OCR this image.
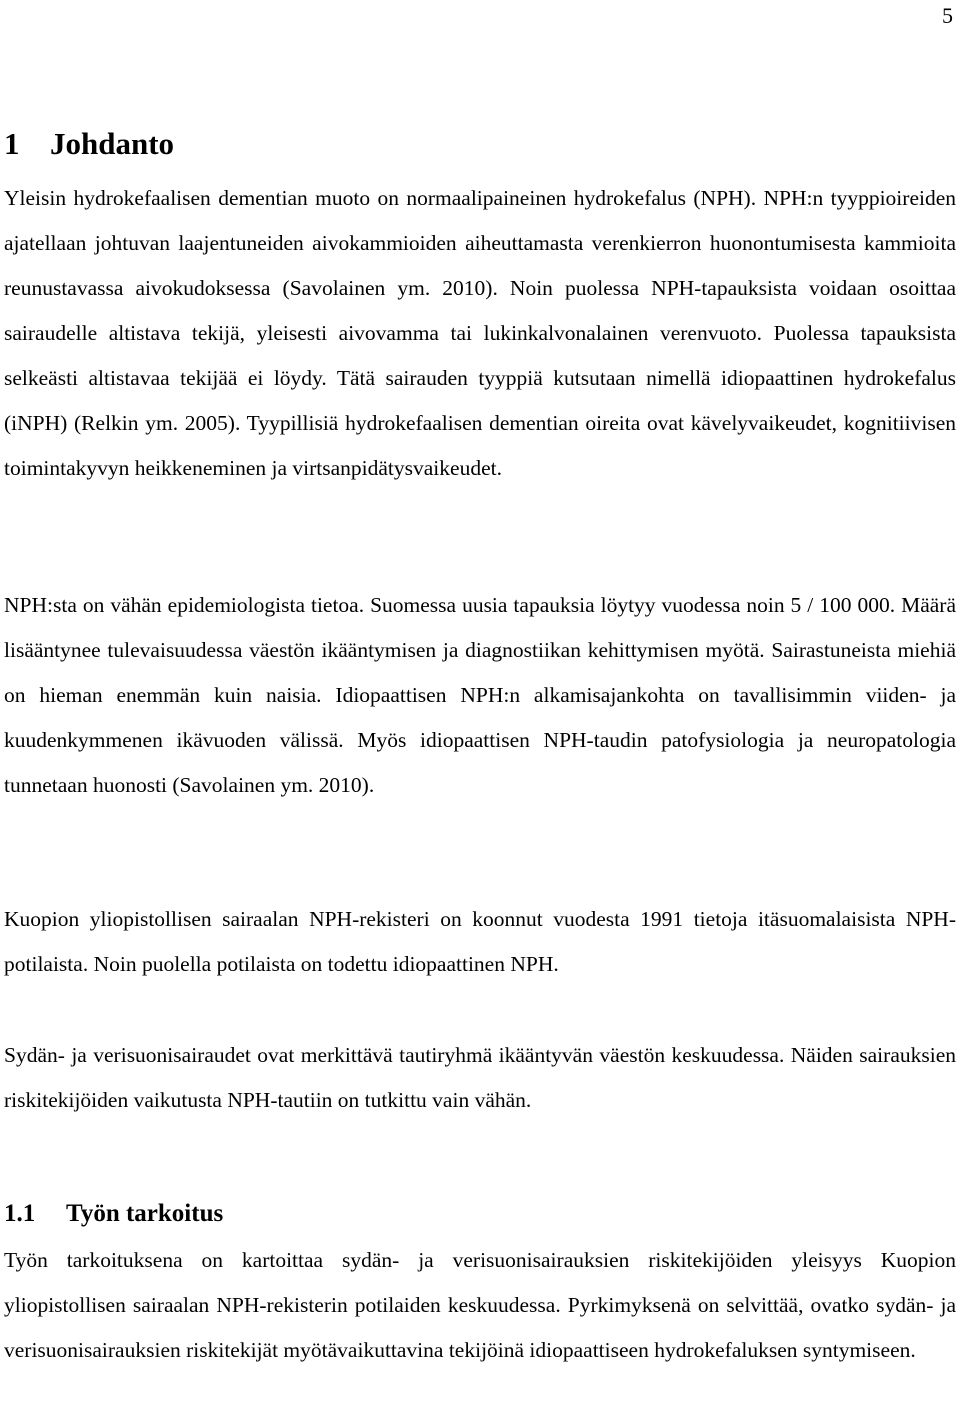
5
1 Johdanto

Yleisin hydrokefaalisen dementian muoto on normaalipaineinen hydrokefalus (NPH). NPH:n tyyppioireiden ajatellaan johtuvan laajentuneiden aivokammioiden aiheuttamasta verenkierron huonontumisesta kammioita reunustavassa aivokudoksessa (Savolainen ym. 2010). Noin puolessa NPH-tapauksista voidaan osoittaa sairaudelle altistava tekijä, yleisesti aivovamma tai lukinkalvonalainen verenvuoto. Puolessa tapauksista selkeästi altistavaa tekijää ei löydy. Tätä sairauden tyyppiä kutsutaan nimellä idiopaattinen hydrokefalus (iNPH) (Relkin ym. 2005). Tyypillisiä hydrokefaalisen dementian oireita ovat kävelyvaikeudet, kognitiivisen toimintakyvyn heikkeneminen ja virtsanpidätysvaikeudet.

NPH:sta on vähän epidemiologista tietoa. Suomessa uusia tapauksia löytyy vuodessa noin 5 / 100 000. Määrä lisääntynee tulevaisuudessa väestön ikääntymisen ja diagnostiikan kehittymisen myötä. Sairastuneista miehiä on hieman enemmän kuin naisia. Idiopaattisen NPH:n alkamisajankohta on tavallisimmin viiden- ja kuudenkymmenen ikävuoden välissä. Myös idiopaattisen NPH-taudin patofysiologia ja neuropatologia tunnetaan huonosti (Savolainen ym. 2010).

Kuopion yliopistollisen sairaalan NPH-rekisteri on koonnut vuodesta 1991 tietoja itäsuomalaisista NPH-potilaista. Noin puolella potilaista on todettu idiopaattinen NPH.

Sydän- ja verisuonisairaudet ovat merkittävä tautiryhmä ikääntyvän väestön keskuudessa. Näiden sairauksien riskitekijöiden vaikutusta NPH-tautiin on tutkittu vain vähän.

1.1 Työn tarkoitus

Työn tarkoituksena on kartoittaa sydän- ja verisuonisairauksien riskitekijöiden yleisyys Kuopion yliopistollisen sairaalan NPH-rekisterin potilaiden keskuudessa. Pyrkimyksenä on selvittää, ovatko sydän- ja verisuonisairauksien riskitekijät myötävaikuttavina tekijöinä idiopaattiseen hydrokefaluksen syntymiseen.
